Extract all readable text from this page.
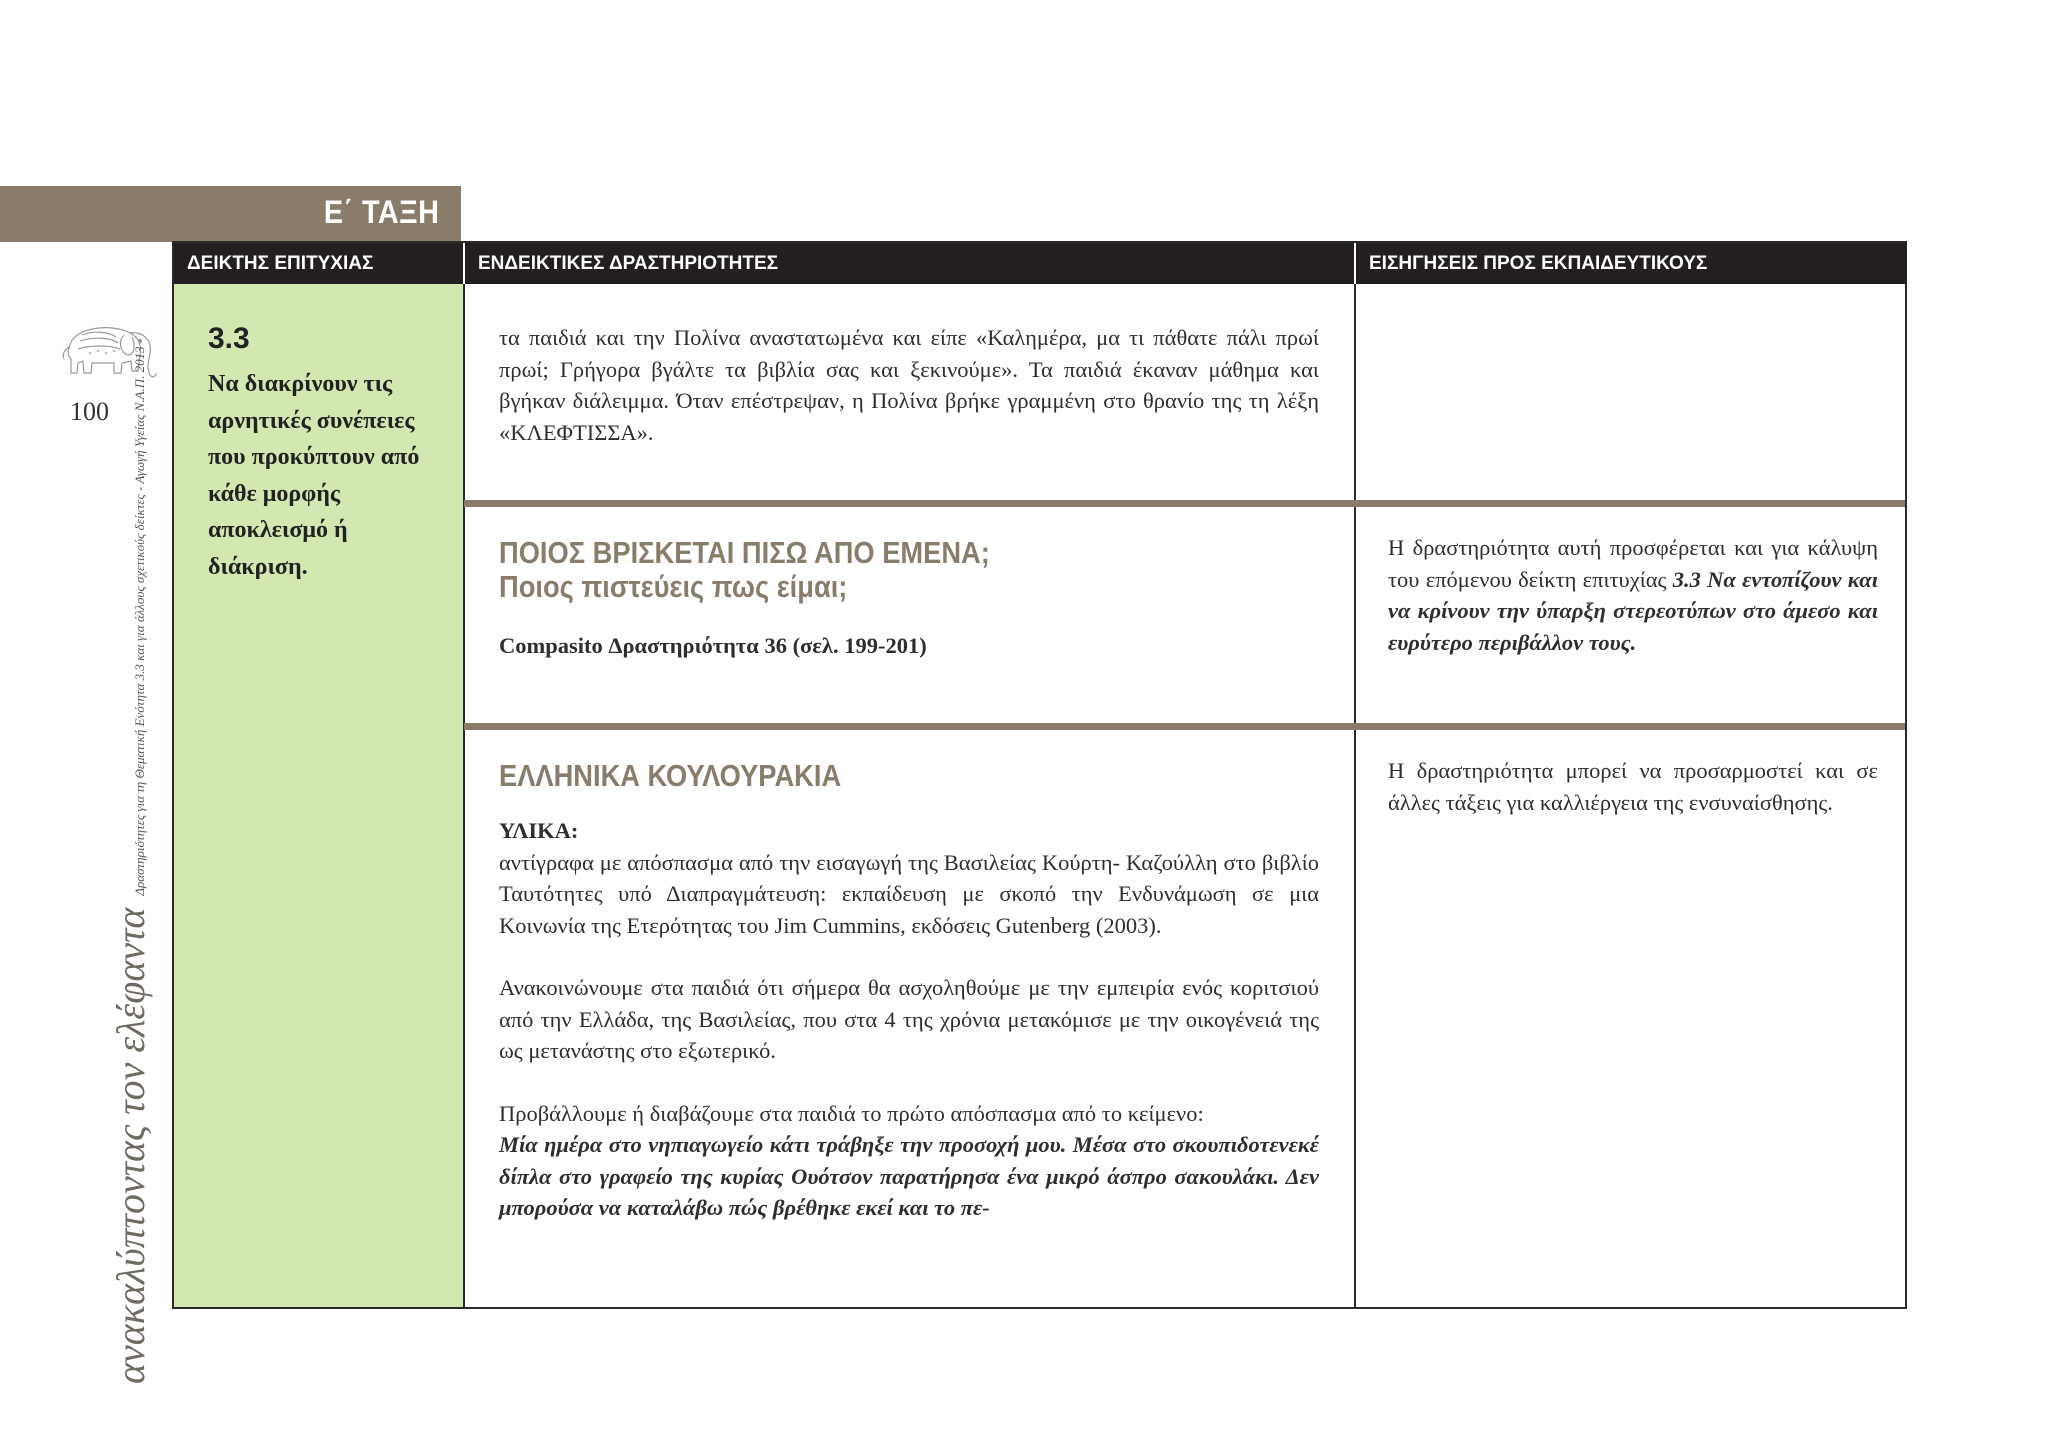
Ε΄ ΤΑΞΗ
100
ανακαλύπτοντας τον ελέφαντα
Δραστηριότητες για τη Θεματική Ενότητα 3.3 και για άλλους σχετικούς δείκτες - Αγωγή Υγείας Ν.Α.Π. 2013
ΔΕΙΚΤΗΣ ΕΠΙΤΥΧΙΑΣ	ΕΝΔΕΙΚΤΙΚΕΣ ΔΡΑΣΤΗΡΙΟΤΗΤΕΣ	ΕΙΣΗΓΗΣΕΙΣ ΠΡΟΣ ΕΚΠΑΙΔΕΥΤΙΚΟΥΣ
3.3
Να διακρίνουν τις αρνητικές συνέπειες που προκύπτουν από κάθε μορφής αποκλεισμό ή διάκριση.

τα παιδιά και την Πολίνα αναστατωμένα και είπε «Καλημέρα, μα τι πάθατε πάλι πρωί πρωί; Γρήγορα βγάλτε τα βιβλία σας και ξεκινούμε». Τα παιδιά έκαναν μάθημα και βγήκαν διάλειμμα. Όταν επέστρεψαν, η Πολίνα βρήκε γραμμένη στο θρανίο της τη λέξη «ΚΛΕΦΤΙΣΣΑ».

ΠΟΙΟΣ ΒΡΙΣΚΕΤΑΙ ΠΙΣΩ ΑΠΟ ΕΜΕΝΑ;
Ποιος πιστεύεις πως είμαι;

Compasito Δραστηριότητα 36 (σελ. 199-201)

Η δραστηριότητα αυτή προσφέρεται και για κάλυψη του επόμενου δείκτη επιτυχίας 3.3 Να εντοπίζουν και να κρίνουν την ύπαρξη στερεοτύπων στο άμεσο και ευρύτερο περιβάλλον τους.

ΕΛΛΗΝΙΚΑ ΚΟΥΛΟΥΡΑΚΙΑ

ΥΛΙΚΑ:

αντίγραφα με απόσπασμα από την εισαγωγή της Βασιλείας Κούρτη- Καζούλλη στο βιβλίο Ταυτότητες υπό Διαπραγμάτευση: εκπαίδευση με σκοπό την Ενδυνάμωση σε μια Κοινωνία της Ετερότητας του Jim Cummins, εκδόσεις Gutenberg (2003).

Ανακοινώνουμε στα παιδιά ότι σήμερα θα ασχοληθούμε με την εμπειρία ενός κοριτσιού από την Ελλάδα, της Βασιλείας, που στα 4 της χρόνια μετακόμισε με την οικογένειά της ως μετανάστης στο εξωτερικό.

Προβάλλουμε ή διαβάζουμε στα παιδιά το πρώτο απόσπασμα από το κείμενο:

Μία ημέρα στο νηπιαγωγείο κάτι τράβηξε την προσοχή μου. Μέσα στο σκουπιδοτενεκέ δίπλα στο γραφείο της κυρίας Ουότσον παρατήρησα ένα μικρό άσπρο σακουλάκι. Δεν μπορούσα να καταλάβω πώς βρέθηκε εκεί και το πε-

Η δραστηριότητα μπορεί να προσαρμοστεί και σε άλλες τάξεις για καλλιέργεια της ενσυναίσθησης.
